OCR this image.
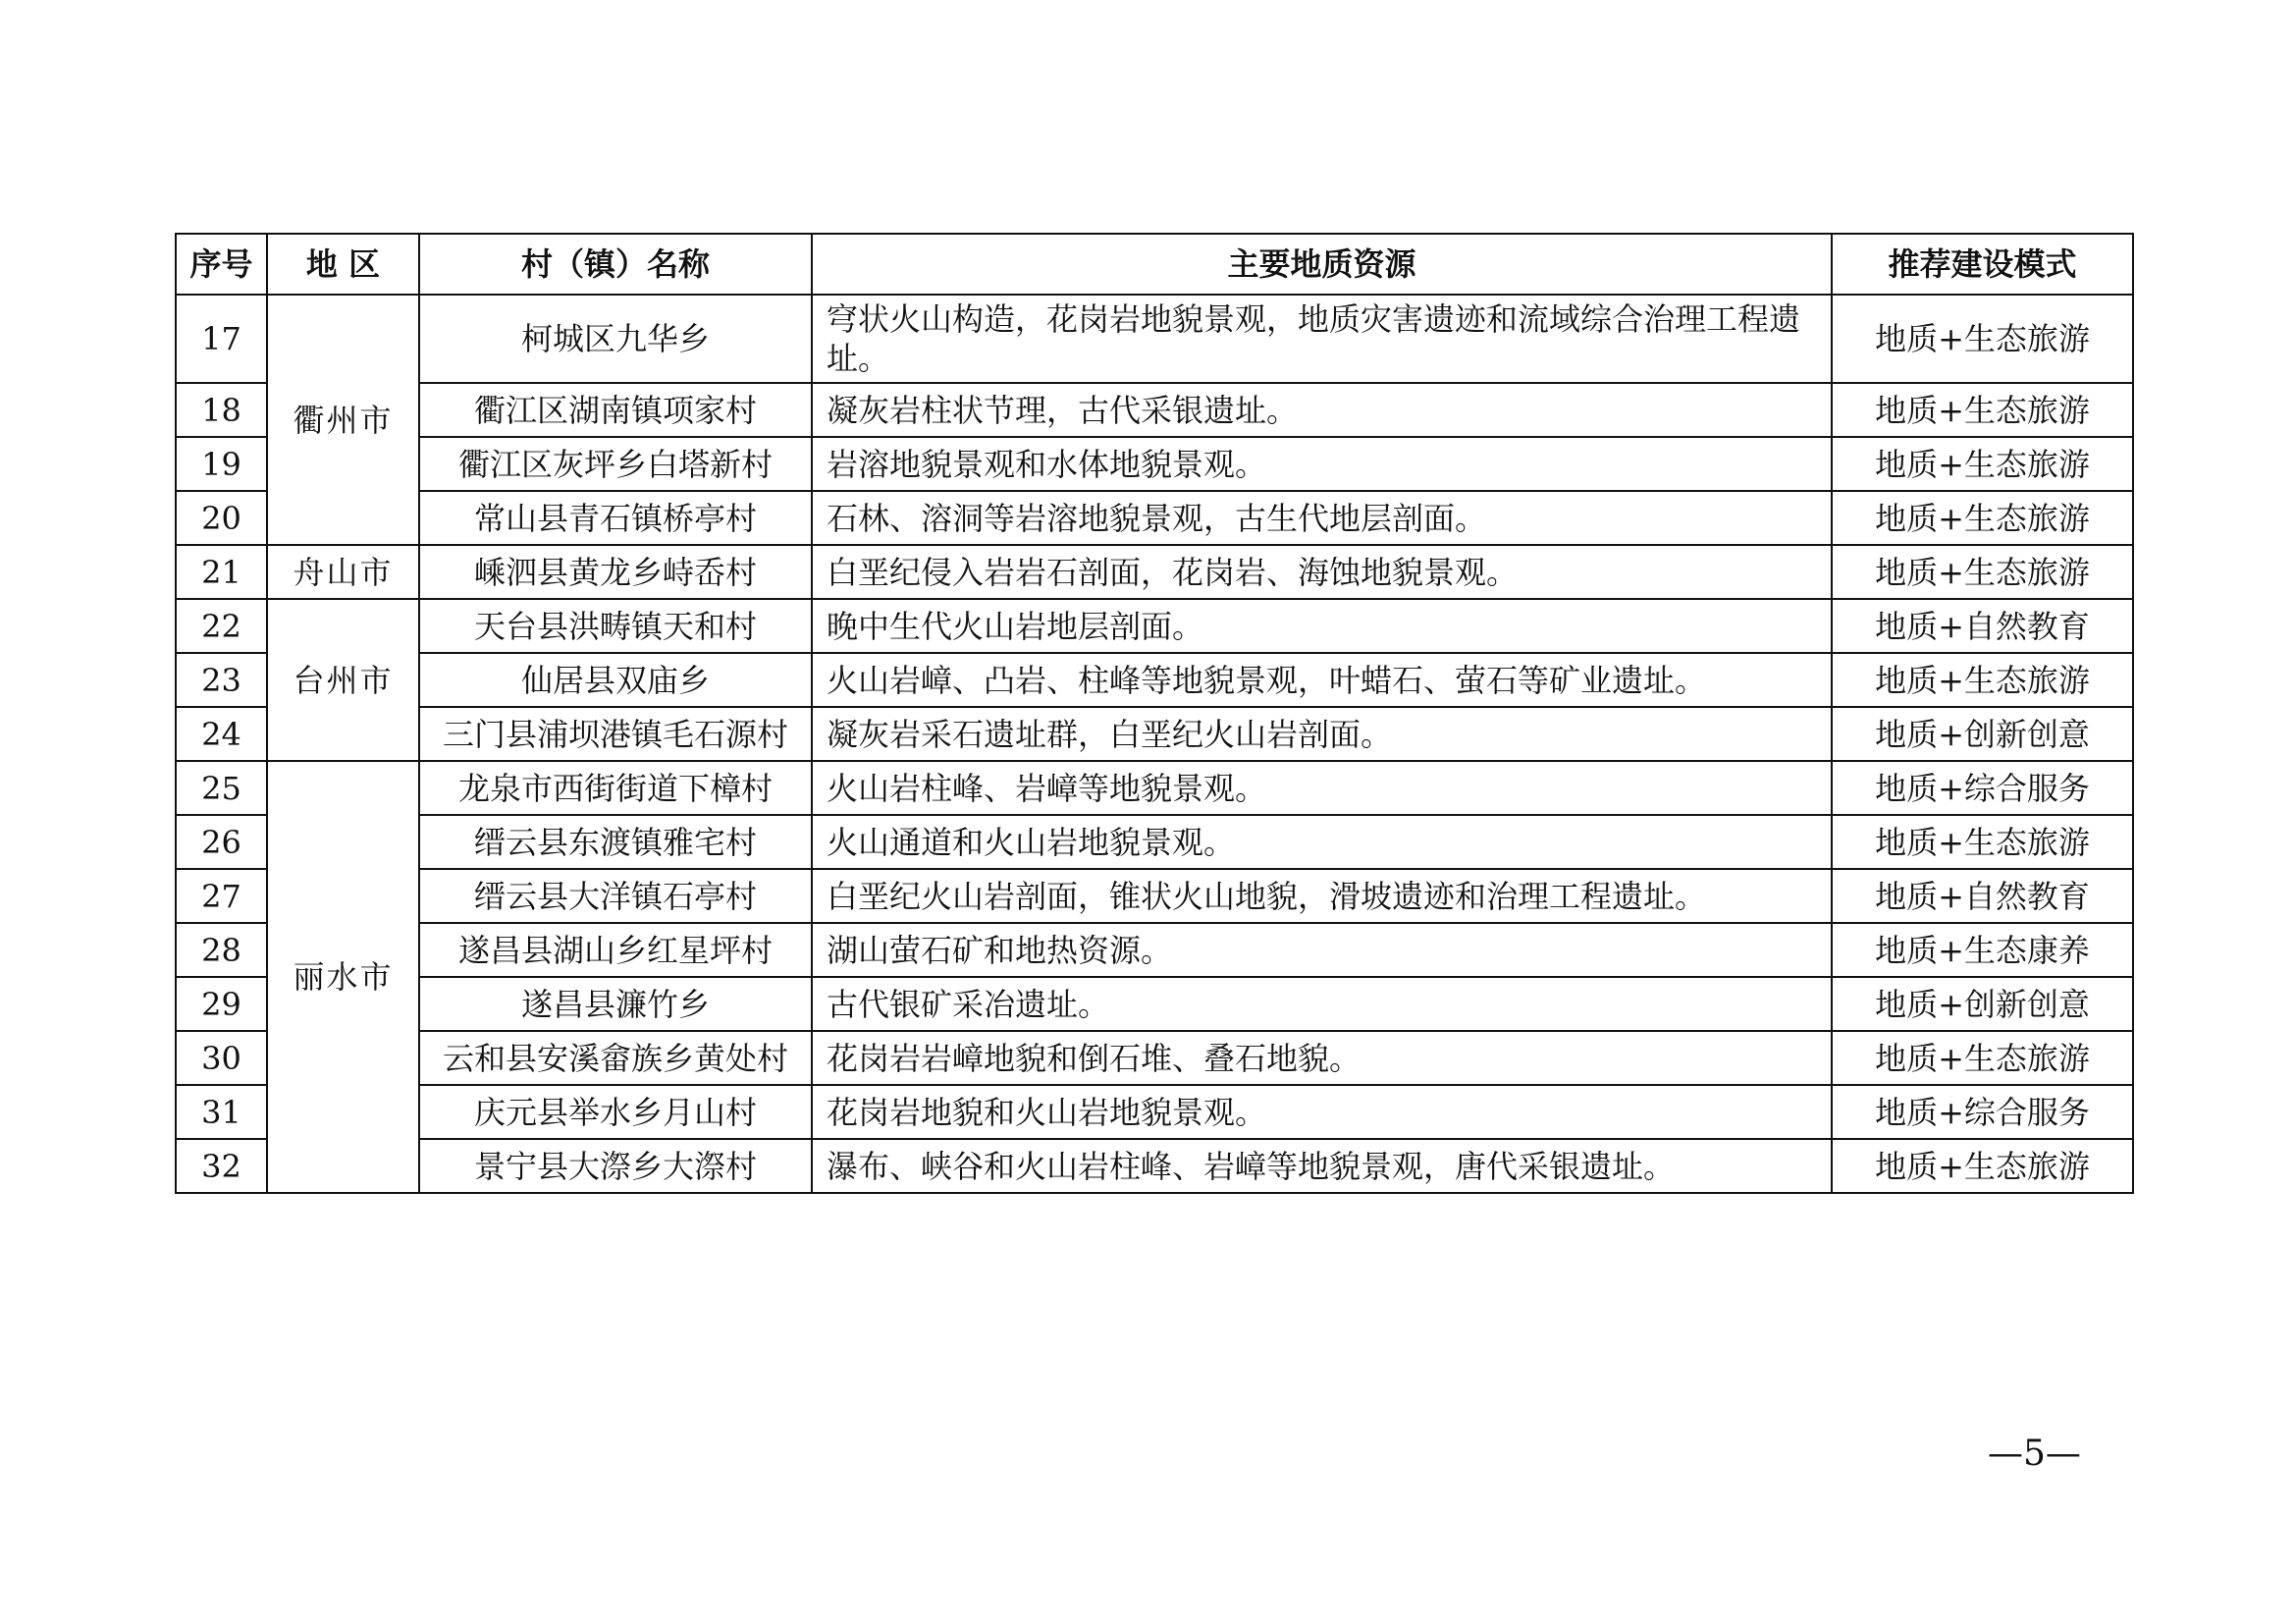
序号	地 区	村（镇）名称	主要地质资源	推荐建设模式
17	衢州市	柯城区九华乡	穹状火山构造，花岗岩地貌景观，地质灾害遗迹和流域综合治理工程遗址。	地质+生态旅游
18		衢江区湖南镇项家村	凝灰岩柱状节理，古代采银遗址。	地质+生态旅游
19		衢江区灰坪乡白塔新村	岩溶地貌景观和水体地貌景观。	地质+生态旅游
20		常山县青石镇桥亭村	石林、溶洞等岩溶地貌景观，古生代地层剖面。	地质+生态旅游
21	舟山市	嵊泗县黄龙乡峙岙村	白垩纪侵入岩岩石剖面，花岗岩、海蚀地貌景观。	地质+生态旅游
22	台州市	天台县洪畴镇天和村	晚中生代火山岩地层剖面。	地质+自然教育
23		仙居县双庙乡	火山岩嶂、凸岩、柱峰等地貌景观，叶蜡石、萤石等矿业遗址。	地质+生态旅游
24		三门县浦坝港镇毛石源村	凝灰岩采石遗址群，白垩纪火山岩剖面。	地质+创新创意
25	丽水市	龙泉市西街街道下樟村	火山岩柱峰、岩嶂等地貌景观。	地质+综合服务
26		缙云县东渡镇雅宅村	火山通道和火山岩地貌景观。	地质+生态旅游
27		缙云县大洋镇石亭村	白垩纪火山岩剖面，锥状火山地貌，滑坡遗迹和治理工程遗址。	地质+自然教育
28		遂昌县湖山乡红星坪村	湖山萤石矿和地热资源。	地质+生态康养
29		遂昌县濂竹乡	古代银矿采冶遗址。	地质+创新创意
30		云和县安溪畲族乡黄处村	花岗岩岩嶂地貌和倒石堆、叠石地貌。	地质+生态旅游
31		庆元县举水乡月山村	花岗岩地貌和火山岩地貌景观。	地质+综合服务
32		景宁县大漈乡大漈村	瀑布、峡谷和火山岩柱峰、岩嶂等地貌景观，唐代采银遗址。	地质+生态旅游
—5—
